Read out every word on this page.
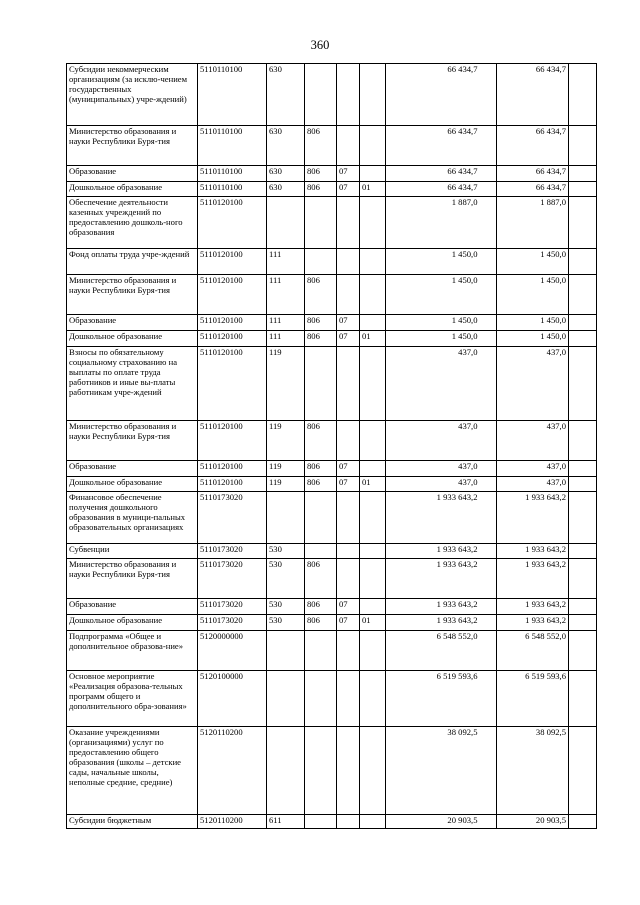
360
Субсидии некоммерческим организациям (за исклю-чением государственных (муниципальных) учре-ждений)	5110110100	630				66 434,7		66 434,7	
Министерство образования и науки Республики Буря-тия	5110110100	630	806			66 434,7		66 434,7	
Образование	5110110100	630	806	07		66 434,7		66 434,7	
Дошкольное образование	5110110100	630	806	07	01	66 434,7		66 434,7	
Обеспечение деятельности казенных учреждений по предоставлению дошколь-ного образования	5110120100					1 887,0		1 887,0	
Фонд оплаты труда учре-ждений	5110120100	111				1 450,0		1 450,0	
Министерство образования и науки Республики Буря-тия	5110120100	111	806			1 450,0		1 450,0	
Образование	5110120100	111	806	07		1 450,0		1 450,0	
Дошкольное образование	5110120100	111	806	07	01	1 450,0		1 450,0	
Взносы по обязательному социальному страхованию на выплаты по оплате труда работников и иные вы-платы работникам учре-ждений	5110120100	119				437,0		437,0	
Министерство образования и науки Республики Буря-тия	5110120100	119	806			437,0		437,0	
Образование	5110120100	119	806	07		437,0		437,0	
Дошкольное образование	5110120100	119	806	07	01	437,0		437,0	
Финансовое обеспечение получения дошкольного образования в муници-пальных образовательных организациях	5110173020					1 933 643,2		1 933 643,2	
Субвенции	5110173020	530				1 933 643,2		1 933 643,2	
Министерство образования и науки Республики Буря-тия	5110173020	530	806			1 933 643,2		1 933 643,2	
Образование	5110173020	530	806	07		1 933 643,2		1 933 643,2	
Дошкольное образование	5110173020	530	806	07	01	1 933 643,2		1 933 643,2	
Подпрограмма «Общее и дополнительное образова-ние»	5120000000					6 548 552,0		6 548 552,0	
Основное мероприятие «Реализация образова-тельных программ общего и дополнительного обра-зования»	5120100000					6 519 593,6		6 519 593,6	
Оказание учреждениями (организациями) услуг по предоставлению общего образования (школы – детские сады, начальные школы, неполные средние, средние)	5120110200					38 092,5		38 092,5	
Субсидии бюджетным	5120110200	611				20 903,5		20 903,5	
